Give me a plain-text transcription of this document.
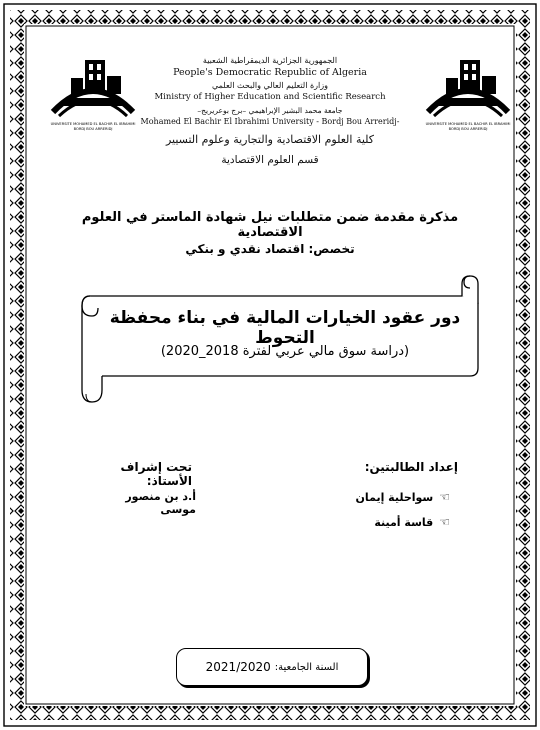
UNIVERSITE MOHAMED EL BACHIR EL IBRAHIMI
BORDJ BOU ARRERIDJ
UNIVERSITE MOHAMED EL BACHIR EL IBRAHIMI
BORDJ BOU ARRERIDJ
الجمهورية الجزائرية الديمقراطية الشعبية
People's Democratic Republic of Algeria
وزارة التعليم العالي والبحث العلمي
Ministry of Higher Education and Scientific Research
جامعة محمد البشير الإبراهيمي –برج بوعريريج–
Mohamed El Bachir El Ibrahimi University - Bordj Bou Arreridj-
كلية العلوم الاقتصادية والتجارية وعلوم التسيير
قسم العلوم الاقتصادية
مذكرة مقدمة ضمن متطلبات نيل شهادة الماستر في العلوم الاقتصادية
تخصص: اقتصاد نقدي و بنكي
دور عقود الخيارات المالية في بناء محفظة التحوط
(دراسة سوق مالي عربي لفترة 2018_2020)
إعداد الطالبتين:
☜
سواحلية إيمان
☜
قاسة أمينة
تحت إشراف الأستاذ:
أ.د بن منصور موسى
السنة الجامعية:
2021/2020
